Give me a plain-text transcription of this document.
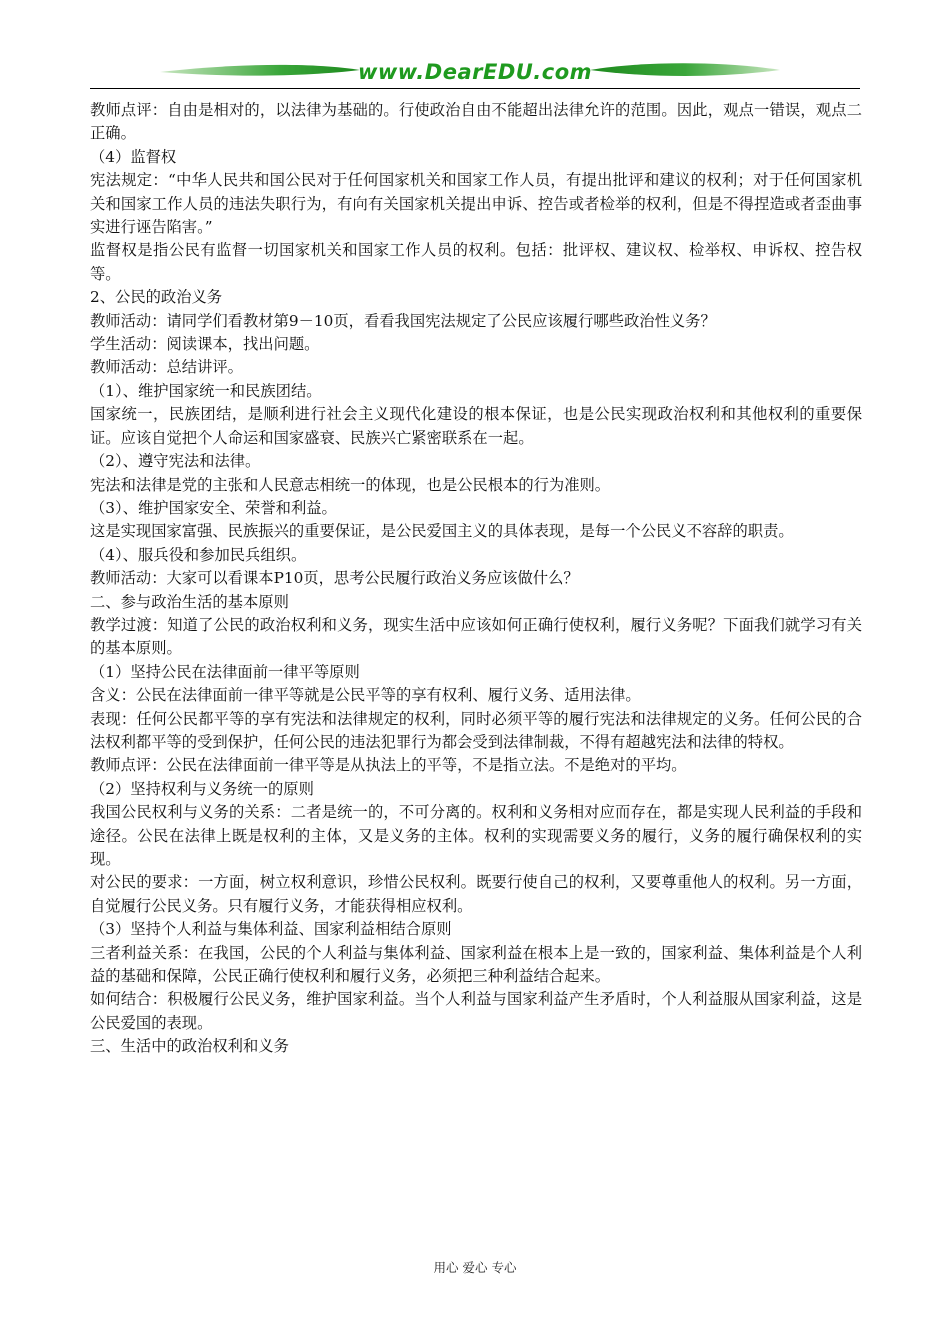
www.DearEDU.com

教师点评：自由是相对的，以法律为基础的。行使政治自由不能超出法律允许的范围。因此，观点一错误，观点二正确。

（4）监督权

宪法规定：“中华人民共和国公民对于任何国家机关和国家工作人员，有提出批评和建议的权利；对于任何国家机关和国家工作人员的违法失职行为，有向有关国家机关提出申诉、控告或者检举的权利，但是不得捏造或者歪曲事实进行诬告陷害。”

监督权是指公民有监督一切国家机关和国家工作人员的权利。包括：批评权、建议权、检举权、申诉权、控告权等。

2、公民的政治义务

教师活动：请同学们看教材第9－10页，看看我国宪法规定了公民应该履行哪些政治性义务？

学生活动：阅读课本，找出问题。

教师活动：总结讲评。

（1）、维护国家统一和民族团结。

国家统一，民族团结，是顺利进行社会主义现代化建设的根本保证，也是公民实现政治权利和其他权利的重要保证。应该自觉把个人命运和国家盛衰、民族兴亡紧密联系在一起。

（2）、遵守宪法和法律。

宪法和法律是党的主张和人民意志相统一的体现，也是公民根本的行为准则。

（3）、维护国家安全、荣誉和利益。

这是实现国家富强、民族振兴的重要保证，是公民爱国主义的具体表现，是每一个公民义不容辞的职责。

（4）、服兵役和参加民兵组织。

教师活动：大家可以看课本P10页，思考公民履行政治义务应该做什么？

二、参与政治生活的基本原则

教学过渡：知道了公民的政治权利和义务，现实生活中应该如何正确行使权利，履行义务呢？下面我们就学习有关的基本原则。

（1）坚持公民在法律面前一律平等原则

含义：公民在法律面前一律平等就是公民平等的享有权利、履行义务、适用法律。

表现：任何公民都平等的享有宪法和法律规定的权利，同时必须平等的履行宪法和法律规定的义务。任何公民的合法权利都平等的受到保护，任何公民的违法犯罪行为都会受到法律制裁，不得有超越宪法和法律的特权。

教师点评：公民在法律面前一律平等是从执法上的平等，不是指立法。不是绝对的平均。

（2）坚持权利与义务统一的原则

我国公民权利与义务的关系：二者是统一的，不可分离的。权利和义务相对应而存在，都是实现人民利益的手段和途径。公民在法律上既是权利的主体，又是义务的主体。权利的实现需要义务的履行，义务的履行确保权利的实现。

对公民的要求：一方面，树立权利意识，珍惜公民权利。既要行使自己的权利，又要尊重他人的权利。另一方面，自觉履行公民义务。只有履行义务，才能获得相应权利。

（3）坚持个人利益与集体利益、国家利益相结合原则

三者利益关系：在我国，公民的个人利益与集体利益、国家利益在根本上是一致的，国家利益、集体利益是个人利益的基础和保障，公民正确行使权利和履行义务，必须把三种利益结合起来。

如何结合：积极履行公民义务，维护国家利益。当个人利益与国家利益产生矛盾时，个人利益服从国家利益，这是公民爱国的表现。

三、生活中的政治权利和义务

用心 爱心 专心
